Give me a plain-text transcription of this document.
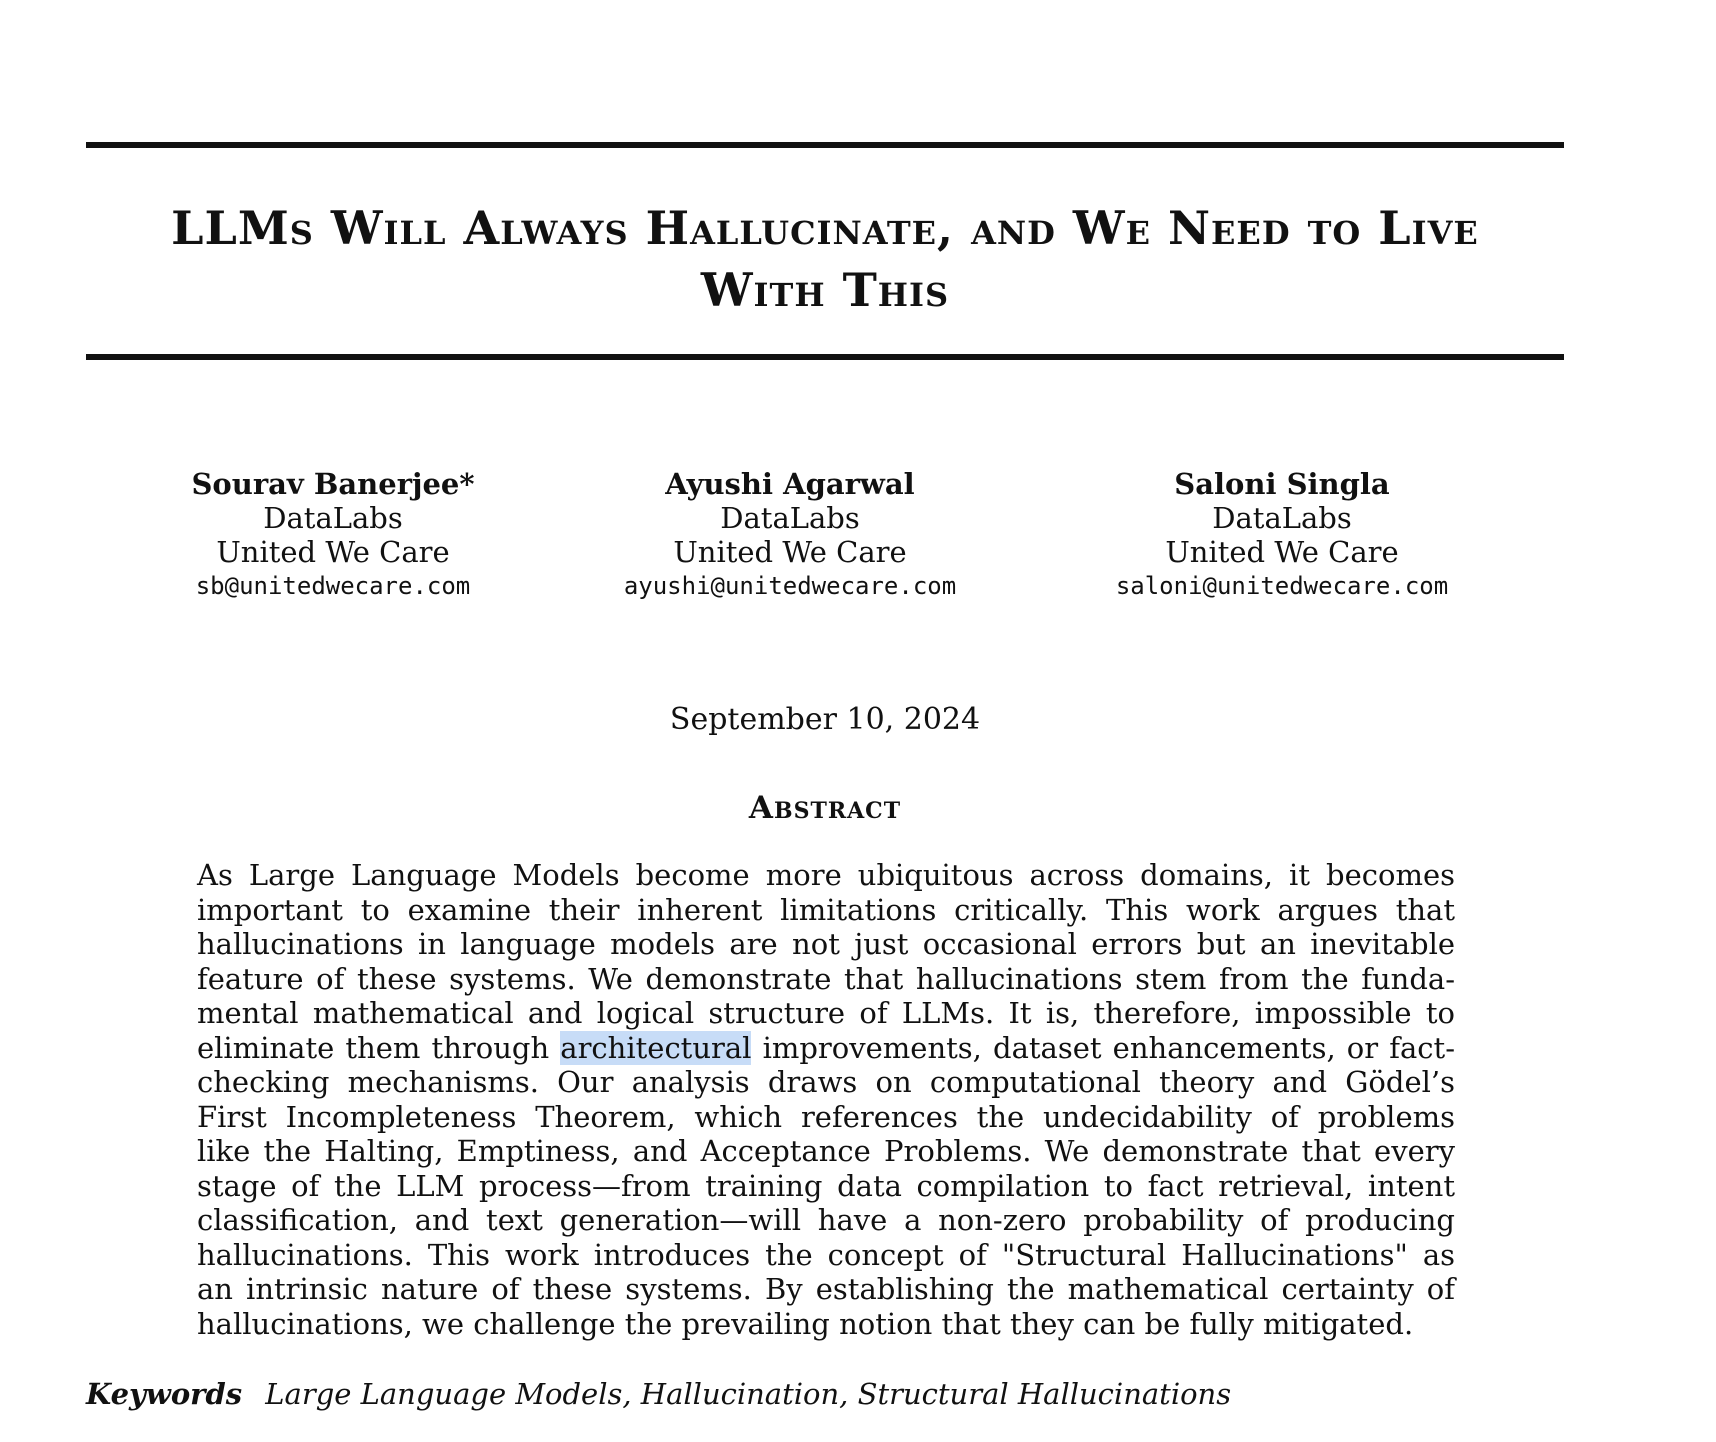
LLMs Will Always Hallucinate, and We Need to Live
With This
Sourav Banerjee*
DataLabs
United We Care
sb@unitedwecare.com
Ayushi Agarwal
DataLabs
United We Care
ayushi@unitedwecare.com
Saloni Singla
DataLabs
United We Care
saloni@unitedwecare.com
September 10, 2024
Abstract
As Large Language Models become more ubiquitous across domains, it becomes
important to examine their inherent limitations critically. This work argues that
hallucinations in language models are not just occasional errors but an inevitable
feature of these systems. We demonstrate that hallucinations stem from the funda-
mental mathematical and logical structure of LLMs. It is, therefore, impossible to
eliminate them through architectural improvements, dataset enhancements, or fact-
checking mechanisms. Our analysis draws on computational theory and Gödel’s
First Incompleteness Theorem, which references the undecidability of problems
like the Halting, Emptiness, and Acceptance Problems. We demonstrate that every
stage of the LLM process—from training data compilation to fact retrieval, intent
classification, and text generation—will have a non-zero probability of producing
hallucinations. This work introduces the concept of "Structural Hallucinations" as
an intrinsic nature of these systems. By establishing the mathematical certainty of
hallucinations, we challenge the prevailing notion that they can be fully mitigated.
Keywords Large Language Models, Hallucination, Structural Hallucinations
